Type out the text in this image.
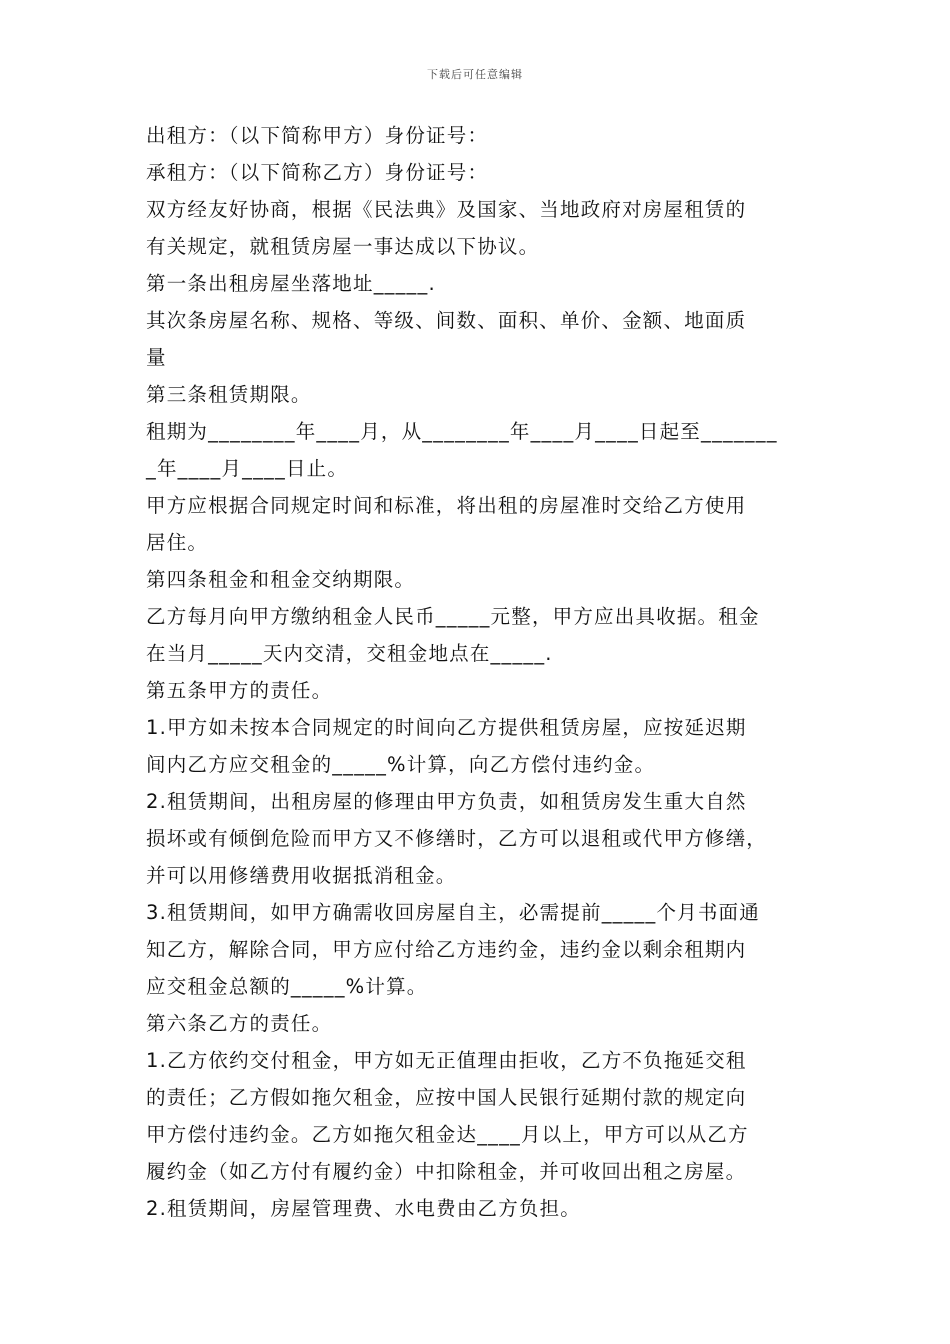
下载后可任意编辑
出租方：（以下简称甲方）身份证号：
承租方：（以下简称乙方）身份证号：
双方经友好协商，根据《民法典》及国家、当地政府对房屋租赁的
有关规定，就租赁房屋一事达成以下协议。
第一条出租房屋坐落地址_____.
其次条房屋名称、规格、等级、间数、面积、单价、金额、地面质
量
第三条租赁期限。
租期为________年____月，从________年____月____日起至_______
_年____月____日止。
甲方应根据合同规定时间和标准，将出租的房屋准时交给乙方使用
居住。
第四条租金和租金交纳期限。
乙方每月向甲方缴纳租金人民币_____元整，甲方应出具收据。租金
在当月_____天内交清，交租金地点在_____.
第五条甲方的责任。
1.甲方如未按本合同规定的时间向乙方提供租赁房屋，应按延迟期
间内乙方应交租金的_____%计算，向乙方偿付违约金。
2.租赁期间，出租房屋的修理由甲方负责，如租赁房发生重大自然
损坏或有倾倒危险而甲方又不修缮时，乙方可以退租或代甲方修缮，
并可以用修缮费用收据抵消租金。
3.租赁期间，如甲方确需收回房屋自主，必需提前_____个月书面通
知乙方，解除合同，甲方应付给乙方违约金，违约金以剩余租期内
应交租金总额的_____%计算。
第六条乙方的责任。
1.乙方依约交付租金，甲方如无正值理由拒收，乙方不负拖延交租
的责任；乙方假如拖欠租金，应按中国人民银行延期付款的规定向
甲方偿付违约金。乙方如拖欠租金达____月以上，甲方可以从乙方
履约金（如乙方付有履约金）中扣除租金，并可收回出租之房屋。
2.租赁期间，房屋管理费、水电费由乙方负担。
